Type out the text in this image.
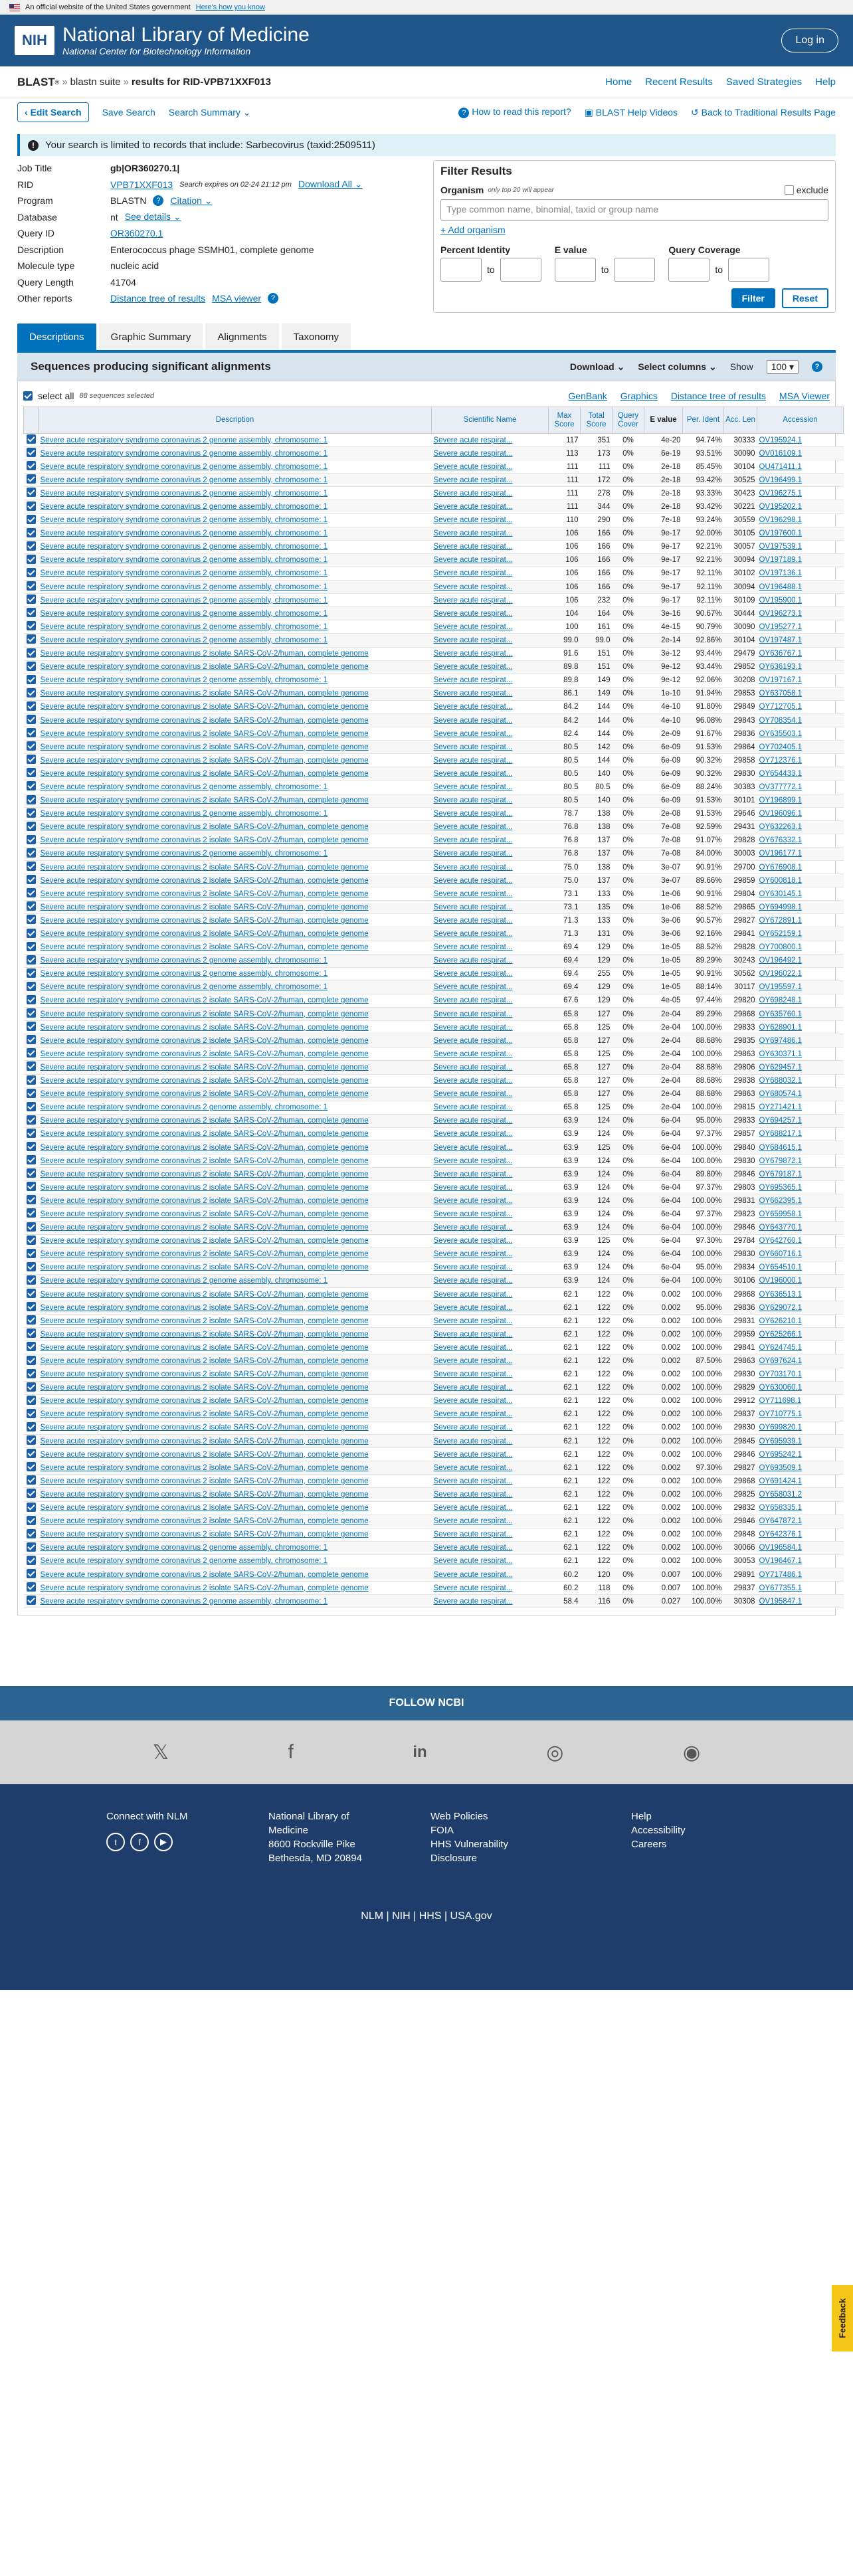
An official website of the United States government Here's how you know
NIH National Library of Medicine
National Center for Biotechnology Information
Log in
BLAST ® » blastn suite » results for RID-VPB71XXF013	Home Recent Results Saved Strategies Help
‹ Edit Search	Save Search Search Summary ⌄	? How to read this report? ▣ BLAST Help Videos ↺ Back to Traditional Results Page
!	Your search is limited to records that include: Sarbecovirus (taxid:2509511)
Job Title	gb|OR360270.1|
RID	VPB71XXF013 Search expires on 02-24 21:12 pm Download All ⌄
Program	BLASTN	?	Citation ⌄
Database	nt See details ⌄
Query ID	OR360270.1
Description	Enterococcus phage SSMH01, complete genome
Molecule type	nucleic acid
Query Length	41704
Other reports	Distance tree of results MSA viewer	?
Filter Results
Organism only top 20 will appear	exclude
Type common name, binomial, taxid or group name
+ Add organism
Percent Identity
to
E value
to
Query Coverage
to
Filter	Reset
Descriptions	Graphic Summary	Alignments	Taxonomy
Sequences producing significant alignments	Download ⌄ Select columns ⌄ Show	100 ▾	?
select all 88 sequences selected	GenBank Graphics Distance tree of results MSA Viewer
	Description	Scientific Name	Max Score	Total Score	Query Cover	E value	Per. Ident	Acc. Len	Accession
	Severe acute respiratory syndrome coronavirus 2 genome assembly, chromosome: 1	Severe acute respirat...	117	351	0%	4e-20	94.74%	30333	OV195924.1
	Severe acute respiratory syndrome coronavirus 2 genome assembly, chromosome: 1	Severe acute respirat...	113	173	0%	6e-19	93.51%	30090	OV016109.1
	Severe acute respiratory syndrome coronavirus 2 genome assembly, chromosome: 1	Severe acute respirat...	111	111	0%	2e-18	85.45%	30104	OU471411.1
	Severe acute respiratory syndrome coronavirus 2 genome assembly, chromosome: 1	Severe acute respirat...	111	172	0%	2e-18	93.42%	30525	OV196499.1
	Severe acute respiratory syndrome coronavirus 2 genome assembly, chromosome: 1	Severe acute respirat...	111	278	0%	2e-18	93.33%	30423	OV196275.1
	Severe acute respiratory syndrome coronavirus 2 genome assembly, chromosome: 1	Severe acute respirat...	111	344	0%	2e-18	93.42%	30221	OV195202.1
	Severe acute respiratory syndrome coronavirus 2 genome assembly, chromosome: 1	Severe acute respirat...	110	290	0%	7e-18	93.24%	30559	OV196298.1
	Severe acute respiratory syndrome coronavirus 2 genome assembly, chromosome: 1	Severe acute respirat...	106	166	0%	9e-17	92.00%	30105	OV197600.1
	Severe acute respiratory syndrome coronavirus 2 genome assembly, chromosome: 1	Severe acute respirat...	106	166	0%	9e-17	92.21%	30057	OV197539.1
	Severe acute respiratory syndrome coronavirus 2 genome assembly, chromosome: 1	Severe acute respirat...	106	166	0%	9e-17	92.21%	30094	OV197189.1
	Severe acute respiratory syndrome coronavirus 2 genome assembly, chromosome: 1	Severe acute respirat...	106	166	0%	9e-17	92.11%	30102	OV197136.1
	Severe acute respiratory syndrome coronavirus 2 genome assembly, chromosome: 1	Severe acute respirat...	106	166	0%	9e-17	92.11%	30094	OV196488.1
	Severe acute respiratory syndrome coronavirus 2 genome assembly, chromosome: 1	Severe acute respirat...	106	232	0%	9e-17	92.11%	30109	OV195900.1
	Severe acute respiratory syndrome coronavirus 2 genome assembly, chromosome: 1	Severe acute respirat...	104	164	0%	3e-16	90.67%	30444	OV196273.1
	Severe acute respiratory syndrome coronavirus 2 genome assembly, chromosome: 1	Severe acute respirat...	100	161	0%	4e-15	90.79%	30090	OV195277.1
	Severe acute respiratory syndrome coronavirus 2 genome assembly, chromosome: 1	Severe acute respirat...	99.0	99.0	0%	2e-14	92.86%	30104	OV197487.1
	Severe acute respiratory syndrome coronavirus 2 isolate SARS-CoV-2/human, complete genome	Severe acute respirat...	91.6	151	0%	3e-12	93.44%	29479	OY636767.1
	Severe acute respiratory syndrome coronavirus 2 isolate SARS-CoV-2/human, complete genome	Severe acute respirat...	89.8	151	0%	9e-12	93.44%	29852	OY636193.1
	Severe acute respiratory syndrome coronavirus 2 genome assembly, chromosome: 1	Severe acute respirat...	89.8	149	0%	9e-12	92.06%	30208	OV197167.1
	Severe acute respiratory syndrome coronavirus 2 isolate SARS-CoV-2/human, complete genome	Severe acute respirat...	86.1	149	0%	1e-10	91.94%	29853	OY637058.1
	Severe acute respiratory syndrome coronavirus 2 isolate SARS-CoV-2/human, complete genome	Severe acute respirat...	84.2	144	0%	4e-10	91.80%	29849	OY712705.1
	Severe acute respiratory syndrome coronavirus 2 isolate SARS-CoV-2/human, complete genome	Severe acute respirat...	84.2	144	0%	4e-10	96.08%	29843	OY708354.1
	Severe acute respiratory syndrome coronavirus 2 isolate SARS-CoV-2/human, complete genome	Severe acute respirat...	82.4	144	0%	2e-09	91.67%	29836	OY635503.1
	Severe acute respiratory syndrome coronavirus 2 isolate SARS-CoV-2/human, complete genome	Severe acute respirat...	80.5	142	0%	6e-09	91.53%	29864	OY702405.1
	Severe acute respiratory syndrome coronavirus 2 isolate SARS-CoV-2/human, complete genome	Severe acute respirat...	80.5	144	0%	6e-09	90.32%	29858	OY712376.1
	Severe acute respiratory syndrome coronavirus 2 isolate SARS-CoV-2/human, complete genome	Severe acute respirat...	80.5	140	0%	6e-09	90.32%	29830	OY654433.1
	Severe acute respiratory syndrome coronavirus 2 genome assembly, chromosome: 1	Severe acute respirat...	80.5	80.5	0%	6e-09	88.24%	30383	OV377772.1
	Severe acute respiratory syndrome coronavirus 2 isolate SARS-CoV-2/human, complete genome	Severe acute respirat...	80.5	140	0%	6e-09	91.53%	30101	OY196899.1
	Severe acute respiratory syndrome coronavirus 2 genome assembly, chromosome: 1	Severe acute respirat...	78.7	138	0%	2e-08	91.53%	29646	OV196096.1
	Severe acute respiratory syndrome coronavirus 2 isolate SARS-CoV-2/human, complete genome	Severe acute respirat...	76.8	138	0%	7e-08	92.59%	29431	OY632263.1
	Severe acute respiratory syndrome coronavirus 2 isolate SARS-CoV-2/human, complete genome	Severe acute respirat...	76.8	137	0%	7e-08	91.07%	29828	OY676332.1
	Severe acute respiratory syndrome coronavirus 2 genome assembly, chromosome: 1	Severe acute respirat...	76.8	137	0%	7e-08	84.00%	30003	OV196177.1
	Severe acute respiratory syndrome coronavirus 2 isolate SARS-CoV-2/human, complete genome	Severe acute respirat...	75.0	138	0%	3e-07	90.91%	29700	OY676908.1
	Severe acute respiratory syndrome coronavirus 2 isolate SARS-CoV-2/human, complete genome	Severe acute respirat...	75.0	137	0%	3e-07	89.66%	29859	OY600818.1
	Severe acute respiratory syndrome coronavirus 2 isolate SARS-CoV-2/human, complete genome	Severe acute respirat...	73.1	133	0%	1e-06	90.91%	29804	OY630145.1
	Severe acute respiratory syndrome coronavirus 2 isolate SARS-CoV-2/human, complete genome	Severe acute respirat...	73.1	135	0%	1e-06	88.52%	29865	OY694998.1
	Severe acute respiratory syndrome coronavirus 2 isolate SARS-CoV-2/human, complete genome	Severe acute respirat...	71.3	133	0%	3e-06	90.57%	29827	OY672891.1
	Severe acute respiratory syndrome coronavirus 2 isolate SARS-CoV-2/human, complete genome	Severe acute respirat...	71.3	131	0%	3e-06	92.16%	29841	OY652159.1
	Severe acute respiratory syndrome coronavirus 2 isolate SARS-CoV-2/human, complete genome	Severe acute respirat...	69.4	129	0%	1e-05	88.52%	29828	OY700800.1
	Severe acute respiratory syndrome coronavirus 2 genome assembly, chromosome: 1	Severe acute respirat...	69.4	129	0%	1e-05	89.29%	30243	OV196492.1
	Severe acute respiratory syndrome coronavirus 2 genome assembly, chromosome: 1	Severe acute respirat...	69.4	255	0%	1e-05	90.91%	30562	OV196022.1
	Severe acute respiratory syndrome coronavirus 2 genome assembly, chromosome: 1	Severe acute respirat...	69.4	129	0%	1e-05	88.14%	30117	OV195597.1
	Severe acute respiratory syndrome coronavirus 2 isolate SARS-CoV-2/human, complete genome	Severe acute respirat...	67.6	129	0%	4e-05	97.44%	29820	OY698248.1
	Severe acute respiratory syndrome coronavirus 2 isolate SARS-CoV-2/human, complete genome	Severe acute respirat...	65.8	127	0%	2e-04	89.29%	29868	OY635760.1
	Severe acute respiratory syndrome coronavirus 2 isolate SARS-CoV-2/human, complete genome	Severe acute respirat...	65.8	125	0%	2e-04	100.00%	29833	OY628901.1
	Severe acute respiratory syndrome coronavirus 2 isolate SARS-CoV-2/human, complete genome	Severe acute respirat...	65.8	127	0%	2e-04	88.68%	29835	OY697486.1
	Severe acute respiratory syndrome coronavirus 2 isolate SARS-CoV-2/human, complete genome	Severe acute respirat...	65.8	125	0%	2e-04	100.00%	29863	OY630371.1
	Severe acute respiratory syndrome coronavirus 2 isolate SARS-CoV-2/human, complete genome	Severe acute respirat...	65.8	127	0%	2e-04	88.68%	29806	OY629457.1
	Severe acute respiratory syndrome coronavirus 2 isolate SARS-CoV-2/human, complete genome	Severe acute respirat...	65.8	127	0%	2e-04	88.68%	29838	OY688032.1
	Severe acute respiratory syndrome coronavirus 2 isolate SARS-CoV-2/human, complete genome	Severe acute respirat...	65.8	127	0%	2e-04	88.68%	29863	OY680574.1
	Severe acute respiratory syndrome coronavirus 2 genome assembly, chromosome: 1	Severe acute respirat...	65.8	125	0%	2e-04	100.00%	29815	OY271421.1
	Severe acute respiratory syndrome coronavirus 2 isolate SARS-CoV-2/human, complete genome	Severe acute respirat...	63.9	124	0%	6e-04	95.00%	29833	OY694257.1
	Severe acute respiratory syndrome coronavirus 2 isolate SARS-CoV-2/human, complete genome	Severe acute respirat...	63.9	124	0%	6e-04	97.37%	29857	OY688217.1
	Severe acute respiratory syndrome coronavirus 2 isolate SARS-CoV-2/human, complete genome	Severe acute respirat...	63.9	125	0%	6e-04	100.00%	29840	OY684615.1
	Severe acute respiratory syndrome coronavirus 2 isolate SARS-CoV-2/human, complete genome	Severe acute respirat...	63.9	124	0%	6e-04	100.00%	29830	OY679872.1
	Severe acute respiratory syndrome coronavirus 2 isolate SARS-CoV-2/human, complete genome	Severe acute respirat...	63.9	124	0%	6e-04	89.80%	29846	OY679187.1
	Severe acute respiratory syndrome coronavirus 2 isolate SARS-CoV-2/human, complete genome	Severe acute respirat...	63.9	124	0%	6e-04	97.37%	29803	OY695365.1
	Severe acute respiratory syndrome coronavirus 2 isolate SARS-CoV-2/human, complete genome	Severe acute respirat...	63.9	124	0%	6e-04	100.00%	29831	OY662395.1
	Severe acute respiratory syndrome coronavirus 2 isolate SARS-CoV-2/human, complete genome	Severe acute respirat...	63.9	124	0%	6e-04	97.37%	29823	OY659958.1
	Severe acute respiratory syndrome coronavirus 2 isolate SARS-CoV-2/human, complete genome	Severe acute respirat...	63.9	124	0%	6e-04	100.00%	29846	OY643770.1
	Severe acute respiratory syndrome coronavirus 2 isolate SARS-CoV-2/human, complete genome	Severe acute respirat...	63.9	125	0%	6e-04	97.30%	29784	OY642760.1
	Severe acute respiratory syndrome coronavirus 2 isolate SARS-CoV-2/human, complete genome	Severe acute respirat...	63.9	124	0%	6e-04	100.00%	29830	OY660716.1
	Severe acute respiratory syndrome coronavirus 2 isolate SARS-CoV-2/human, complete genome	Severe acute respirat...	63.9	124	0%	6e-04	95.00%	29834	OY654510.1
	Severe acute respiratory syndrome coronavirus 2 genome assembly, chromosome: 1	Severe acute respirat...	63.9	124	0%	6e-04	100.00%	30106	OV196000.1
	Severe acute respiratory syndrome coronavirus 2 isolate SARS-CoV-2/human, complete genome	Severe acute respirat...	62.1	122	0%	0.002	100.00%	29868	OY636513.1
	Severe acute respiratory syndrome coronavirus 2 isolate SARS-CoV-2/human, complete genome	Severe acute respirat...	62.1	122	0%	0.002	95.00%	29836	OY629072.1
	Severe acute respiratory syndrome coronavirus 2 isolate SARS-CoV-2/human, complete genome	Severe acute respirat...	62.1	122	0%	0.002	100.00%	29831	OY626210.1
	Severe acute respiratory syndrome coronavirus 2 isolate SARS-CoV-2/human, complete genome	Severe acute respirat...	62.1	122	0%	0.002	100.00%	29959	OY625266.1
	Severe acute respiratory syndrome coronavirus 2 isolate SARS-CoV-2/human, complete genome	Severe acute respirat...	62.1	122	0%	0.002	100.00%	29841	OY624745.1
	Severe acute respiratory syndrome coronavirus 2 isolate SARS-CoV-2/human, complete genome	Severe acute respirat...	62.1	122	0%	0.002	87.50%	29863	OY697624.1
	Severe acute respiratory syndrome coronavirus 2 isolate SARS-CoV-2/human, complete genome	Severe acute respirat...	62.1	122	0%	0.002	100.00%	29830	OY703170.1
	Severe acute respiratory syndrome coronavirus 2 isolate SARS-CoV-2/human, complete genome	Severe acute respirat...	62.1	122	0%	0.002	100.00%	29829	OY630060.1
	Severe acute respiratory syndrome coronavirus 2 isolate SARS-CoV-2/human, complete genome	Severe acute respirat...	62.1	122	0%	0.002	100.00%	29912	OY711698.1
	Severe acute respiratory syndrome coronavirus 2 isolate SARS-CoV-2/human, complete genome	Severe acute respirat...	62.1	122	0%	0.002	100.00%	29837	OY710775.1
	Severe acute respiratory syndrome coronavirus 2 isolate SARS-CoV-2/human, complete genome	Severe acute respirat...	62.1	122	0%	0.002	100.00%	29830	OY699820.1
	Severe acute respiratory syndrome coronavirus 2 isolate SARS-CoV-2/human, complete genome	Severe acute respirat...	62.1	122	0%	0.002	100.00%	29845	OY695939.1
	Severe acute respiratory syndrome coronavirus 2 isolate SARS-CoV-2/human, complete genome	Severe acute respirat...	62.1	122	0%	0.002	100.00%	29846	OY695242.1
	Severe acute respiratory syndrome coronavirus 2 isolate SARS-CoV-2/human, complete genome	Severe acute respirat...	62.1	122	0%	0.002	97.30%	29827	OY693509.1
	Severe acute respiratory syndrome coronavirus 2 isolate SARS-CoV-2/human, complete genome	Severe acute respirat...	62.1	122	0%	0.002	100.00%	29868	OY691424.1
	Severe acute respiratory syndrome coronavirus 2 isolate SARS-CoV-2/human, complete genome	Severe acute respirat...	62.1	122	0%	0.002	100.00%	29825	OY658031.2
	Severe acute respiratory syndrome coronavirus 2 isolate SARS-CoV-2/human, complete genome	Severe acute respirat...	62.1	122	0%	0.002	100.00%	29832	OY658335.1
	Severe acute respiratory syndrome coronavirus 2 isolate SARS-CoV-2/human, complete genome	Severe acute respirat...	62.1	122	0%	0.002	100.00%	29846	OY647872.1
	Severe acute respiratory syndrome coronavirus 2 isolate SARS-CoV-2/human, complete genome	Severe acute respirat...	62.1	122	0%	0.002	100.00%	29848	OY642376.1
	Severe acute respiratory syndrome coronavirus 2 genome assembly, chromosome: 1	Severe acute respirat...	62.1	122	0%	0.002	100.00%	30066	OV196584.1
	Severe acute respiratory syndrome coronavirus 2 genome assembly, chromosome: 1	Severe acute respirat...	62.1	122	0%	0.002	100.00%	30053	OV196467.1
	Severe acute respiratory syndrome coronavirus 2 isolate SARS-CoV-2/human, complete genome	Severe acute respirat...	60.2	120	0%	0.007	100.00%	29891	OY717486.1
	Severe acute respiratory syndrome coronavirus 2 isolate SARS-CoV-2/human, complete genome	Severe acute respirat...	60.2	118	0%	0.007	100.00%	29837	OY677355.1
	Severe acute respiratory syndrome coronavirus 2 genome assembly, chromosome: 1	Severe acute respirat...	58.4	116	0%	0.027	100.00%	30308	OV195847.1
Feedback
FOLLOW NCBI
𝕏	f	in	◎	◉
Connect with NLM
t	f	▶
National Library of
Medicine
8600 Rockville Pike
Bethesda, MD 20894
Web Policies
FOIA
HHS Vulnerability
Disclosure
Help
Accessibility
Careers
NLM | NIH | HHS | USA.gov
